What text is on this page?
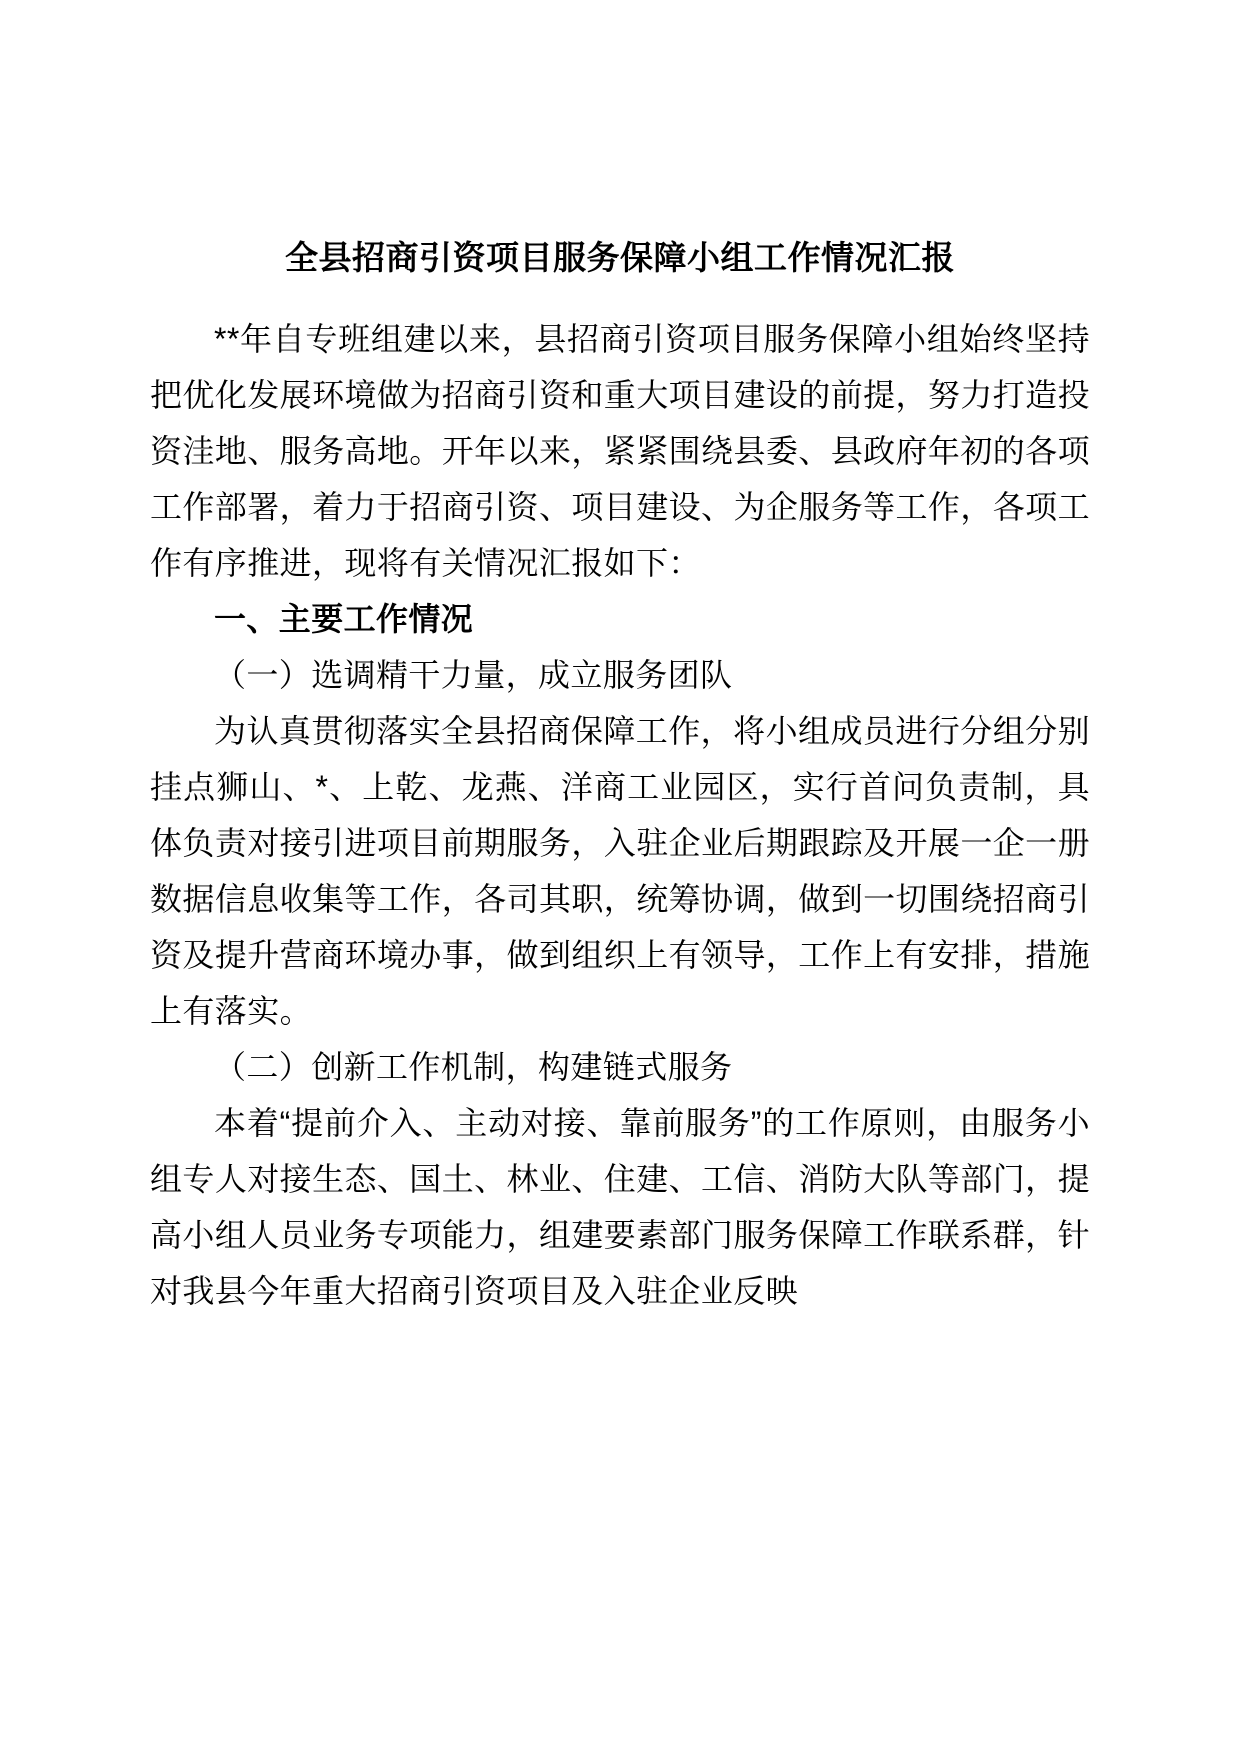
全县招商引资项目服务保障小组工作情况汇报

**年自专班组建以来，县招商引资项目服务保障小组始终坚持把优化发展环境做为招商引资和重大项目建设的前提，努力打造投资洼地、服务高地。开年以来，紧紧围绕县委、县政府年初的各项工作部署，着力于招商引资、项目建设、为企服务等工作，各项工作有序推进，现将有关情况汇报如下：

一、主要工作情况
（一）选调精干力量，成立服务团队

为认真贯彻落实全县招商保障工作，将小组成员进行分组分别挂点狮山、*、上乾、龙燕、洋商工业园区，实行首问负责制，具体负责对接引进项目前期服务，入驻企业后期跟踪及开展一企一册数据信息收集等工作，各司其职，统筹协调，做到一切围绕招商引资及提升营商环境办事，做到组织上有领导，工作上有安排，措施上有落实。

（二）创新工作机制，构建链式服务

本着“提前介入、主动对接、靠前服务”的工作原则，由服务小组专人对接生态、国土、林业、住建、工信、消防大队等部门，提高小组人员业务专项能力，组建要素部门服务保障工作联系群，针对我县今年重大招商引资项目及入驻企业反映
